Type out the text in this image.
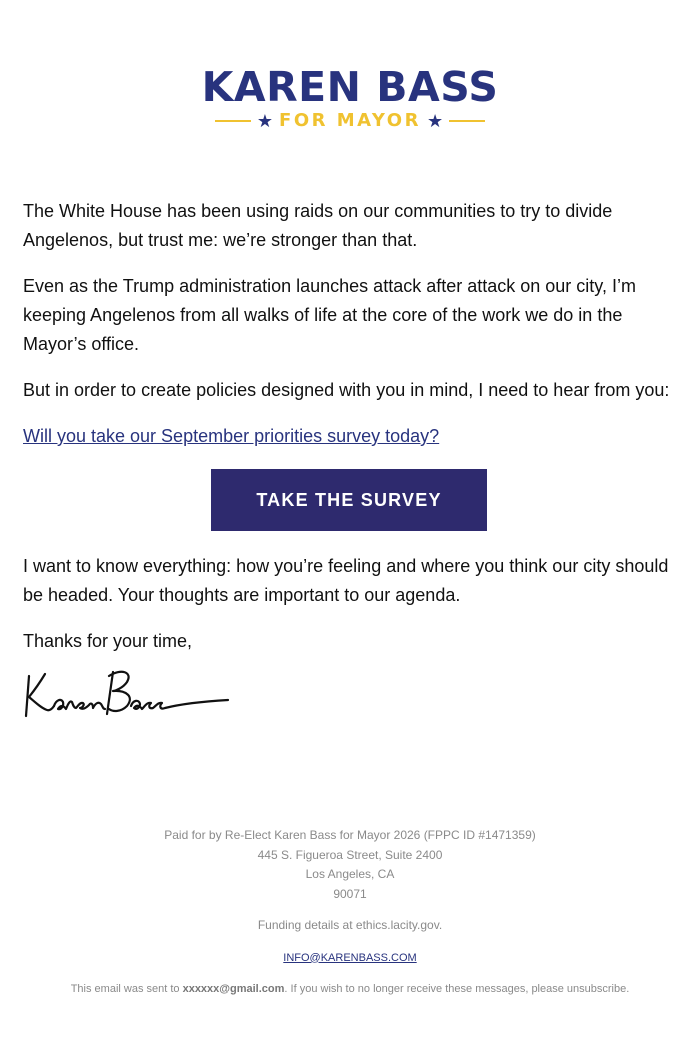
KAREN BASS
★ FOR MAYOR ★

The White House has been using raids on our communities to try to divide Angelenos, but trust me: we’re stronger than that.

Even as the Trump administration launches attack after attack on our city, I’m keeping Angelenos from all walks of life at the core of the work we do in the Mayor’s office.

But in order to create policies designed with you in mind, I need to hear from you:

Will you take our September priorities survey today?

TAKE THE SURVEY

I want to know everything: how you’re feeling and where you think our city should be headed. Your thoughts are important to our agenda.

Thanks for your time,

Paid for by Re-Elect Karen Bass for Mayor 2026 (FPPC ID #1471359)
445 S. Figueroa Street, Suite 2400
Los Angeles, CA
90071
Funding details at ethics.lacity.gov.
INFO@KARENBASS.COM
This email was sent to xxxxxx@gmail.com. If you wish to no longer receive these messages, please unsubscribe.
